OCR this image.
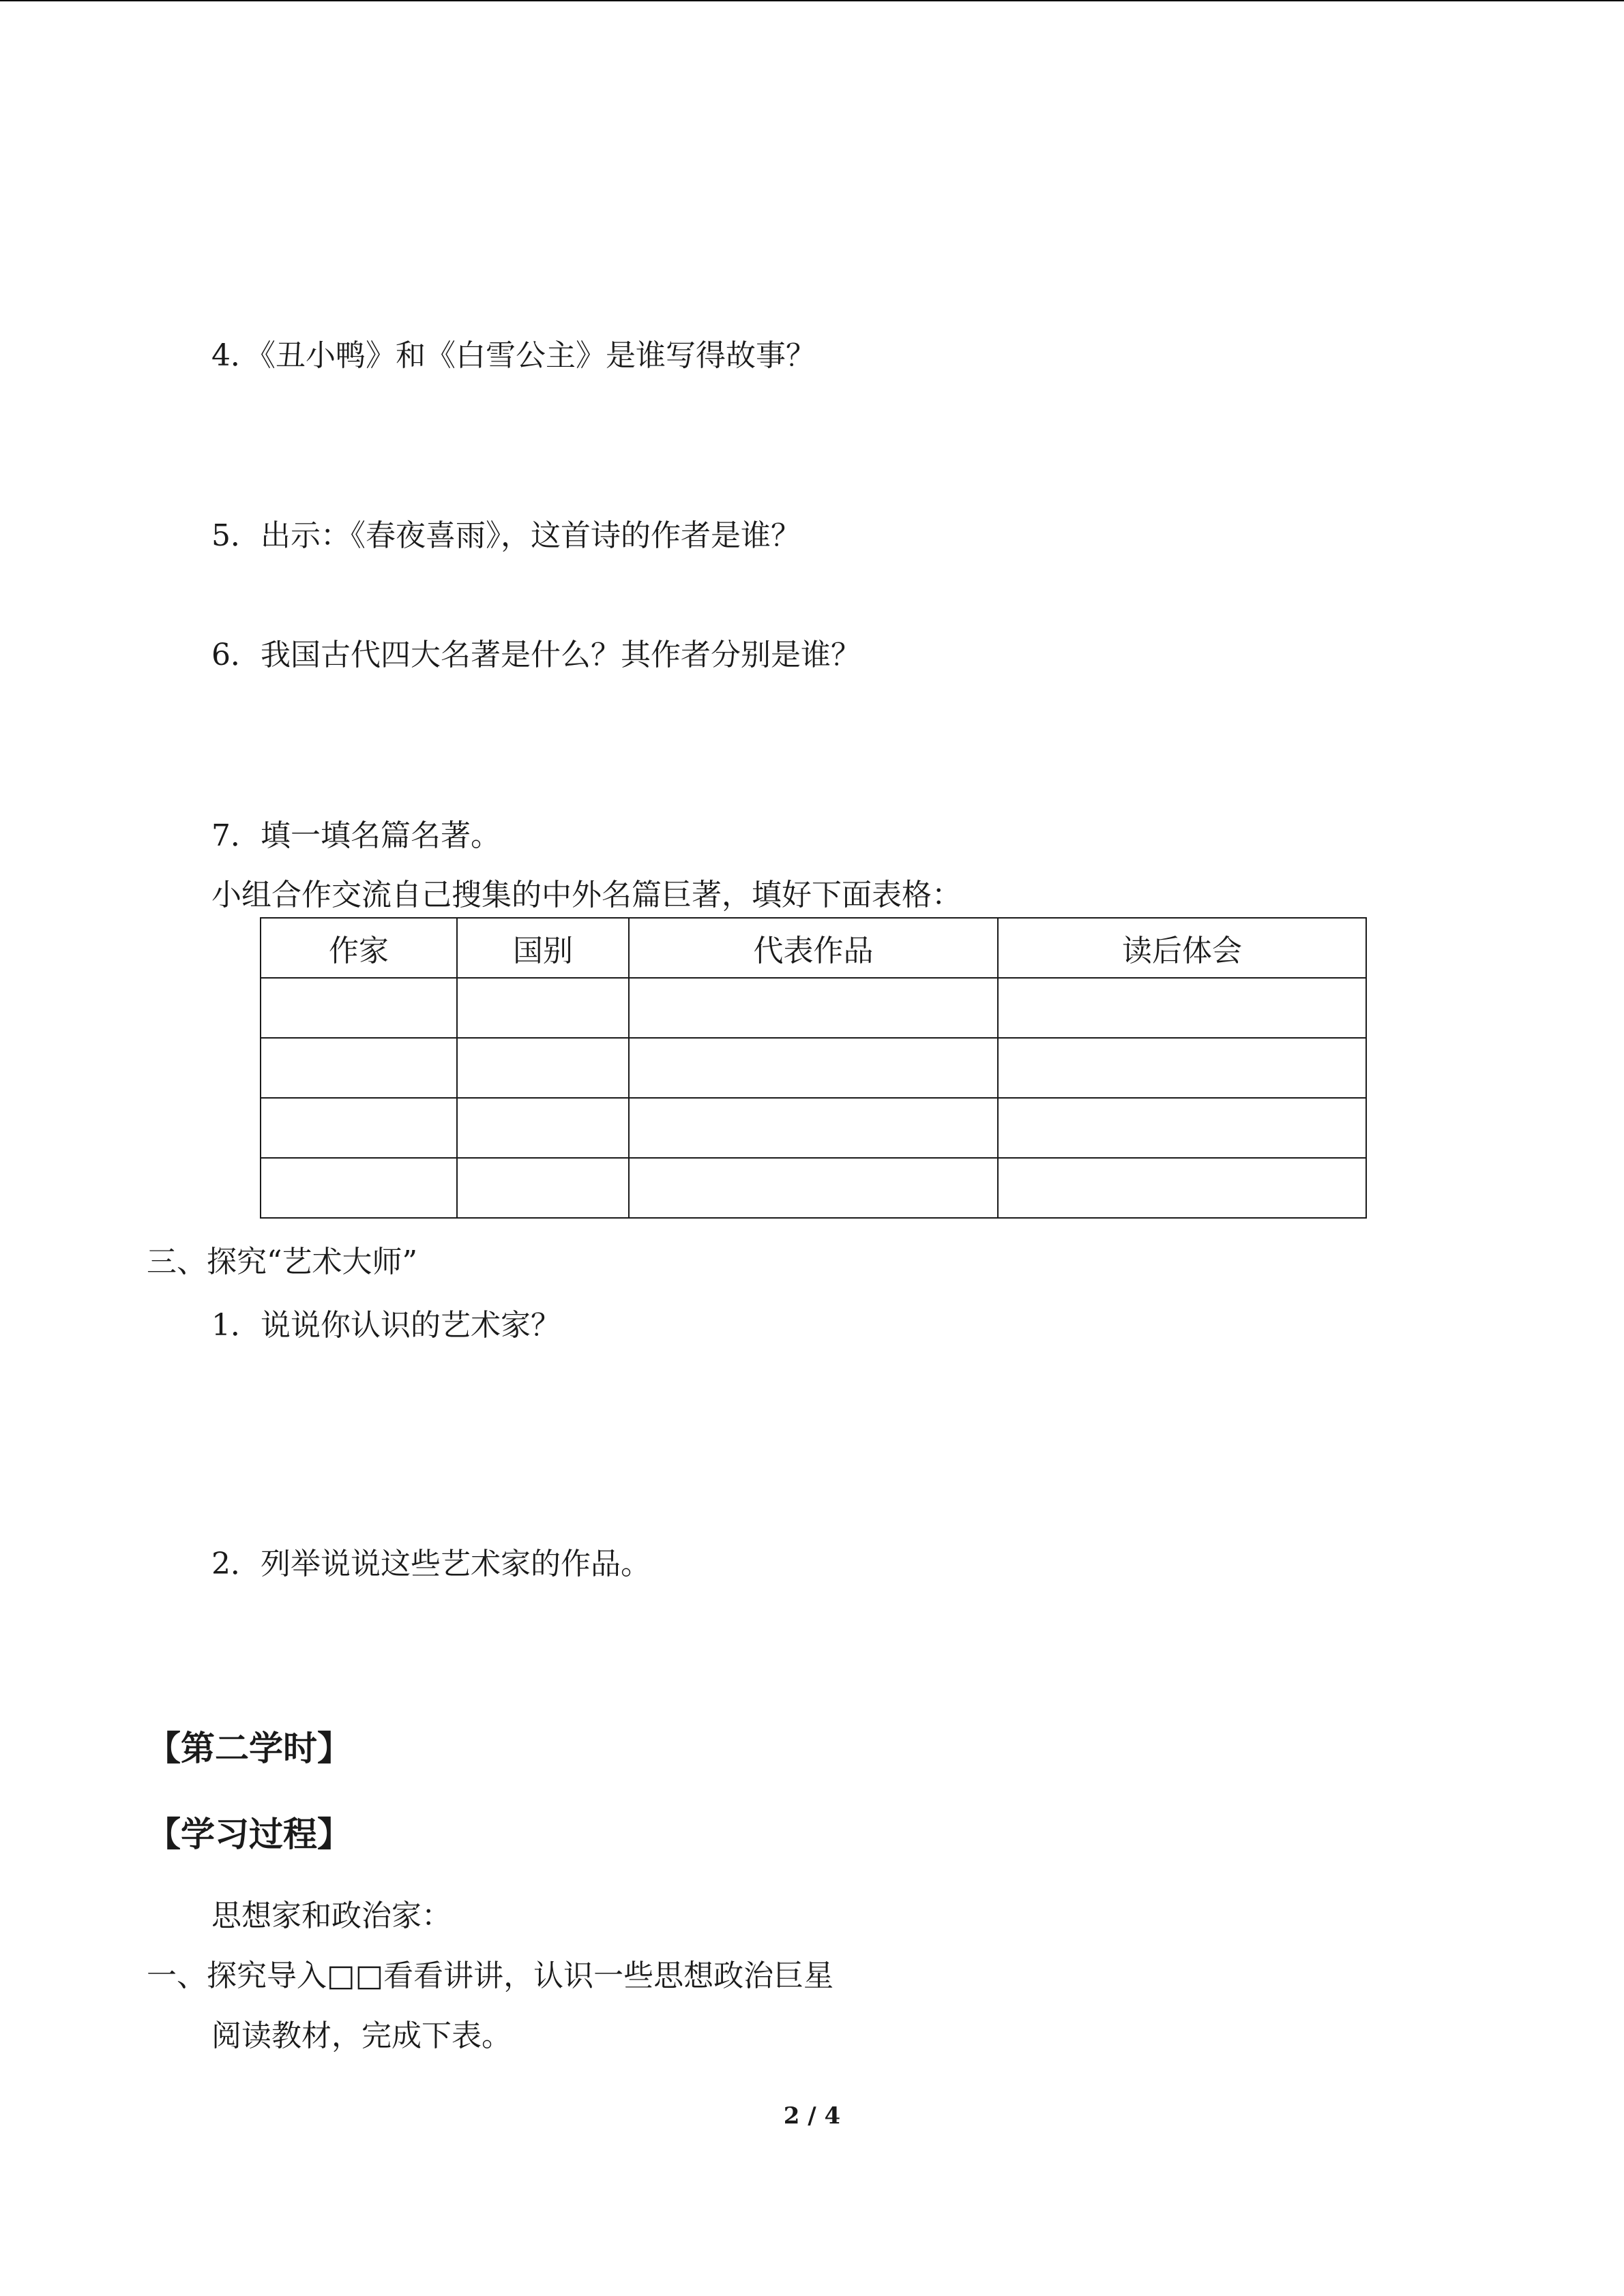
4．《丑小鸭》和《白雪公主》是谁写得故事？
5．出示：《春夜喜雨》，这首诗的作者是谁？
6．我国古代四大名著是什么？其作者分别是谁？
7．填一填名篇名著。
小组合作交流自己搜集的中外名篇巨著，填好下面表格：
作家	国别	代表作品	读后体会

三、探究“艺术大师”
1．说说你认识的艺术家？
2．列举说说这些艺术家的作品。
【第二学时】
【学习过程】
思想家和政治家：
一、探究导入□□看看讲讲，认识一些思想政治巨星
阅读教材，完成下表。
2 / 4
